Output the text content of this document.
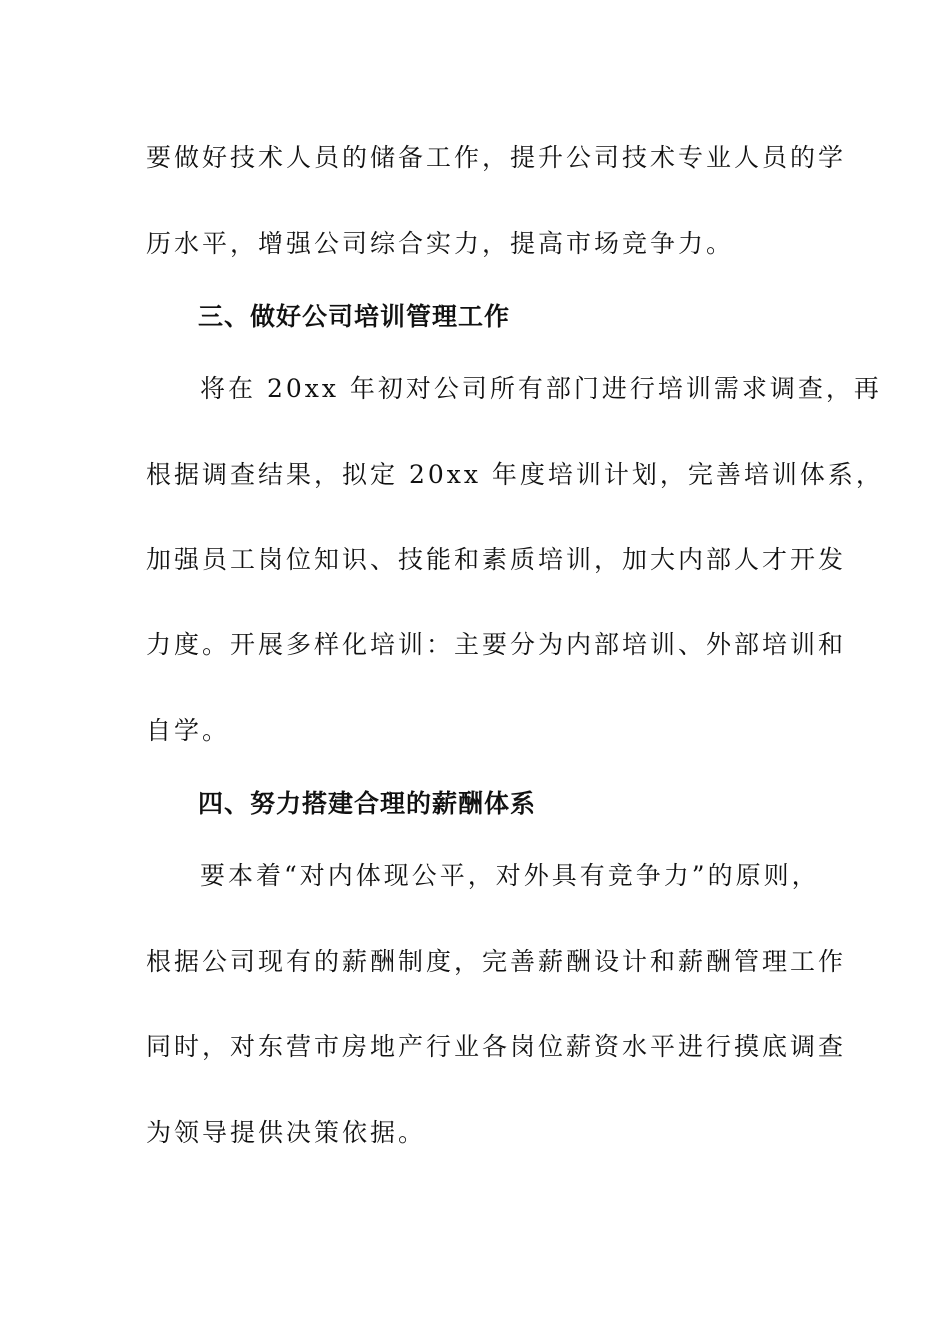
要做好技术人员的储备工作，提升公司技术专业人员的学
历水平，增强公司综合实力，提高市场竞争力。
三、做好公司培训管理工作
将在 20xx 年初对公司所有部门进行培训需求调查，再
根据调查结果，拟定 20xx 年度培训计划，完善培训体系，
加强员工岗位知识、技能和素质培训，加大内部人才开发
力度。开展多样化培训：主要分为内部培训、外部培训和
自学。
四、努力搭建合理的薪酬体系
要本着“对内体现公平，对外具有竞争力”的原则，
根据公司现有的薪酬制度，完善薪酬设计和薪酬管理工作
同时，对东营市房地产行业各岗位薪资水平进行摸底调查
为领导提供决策依据。
